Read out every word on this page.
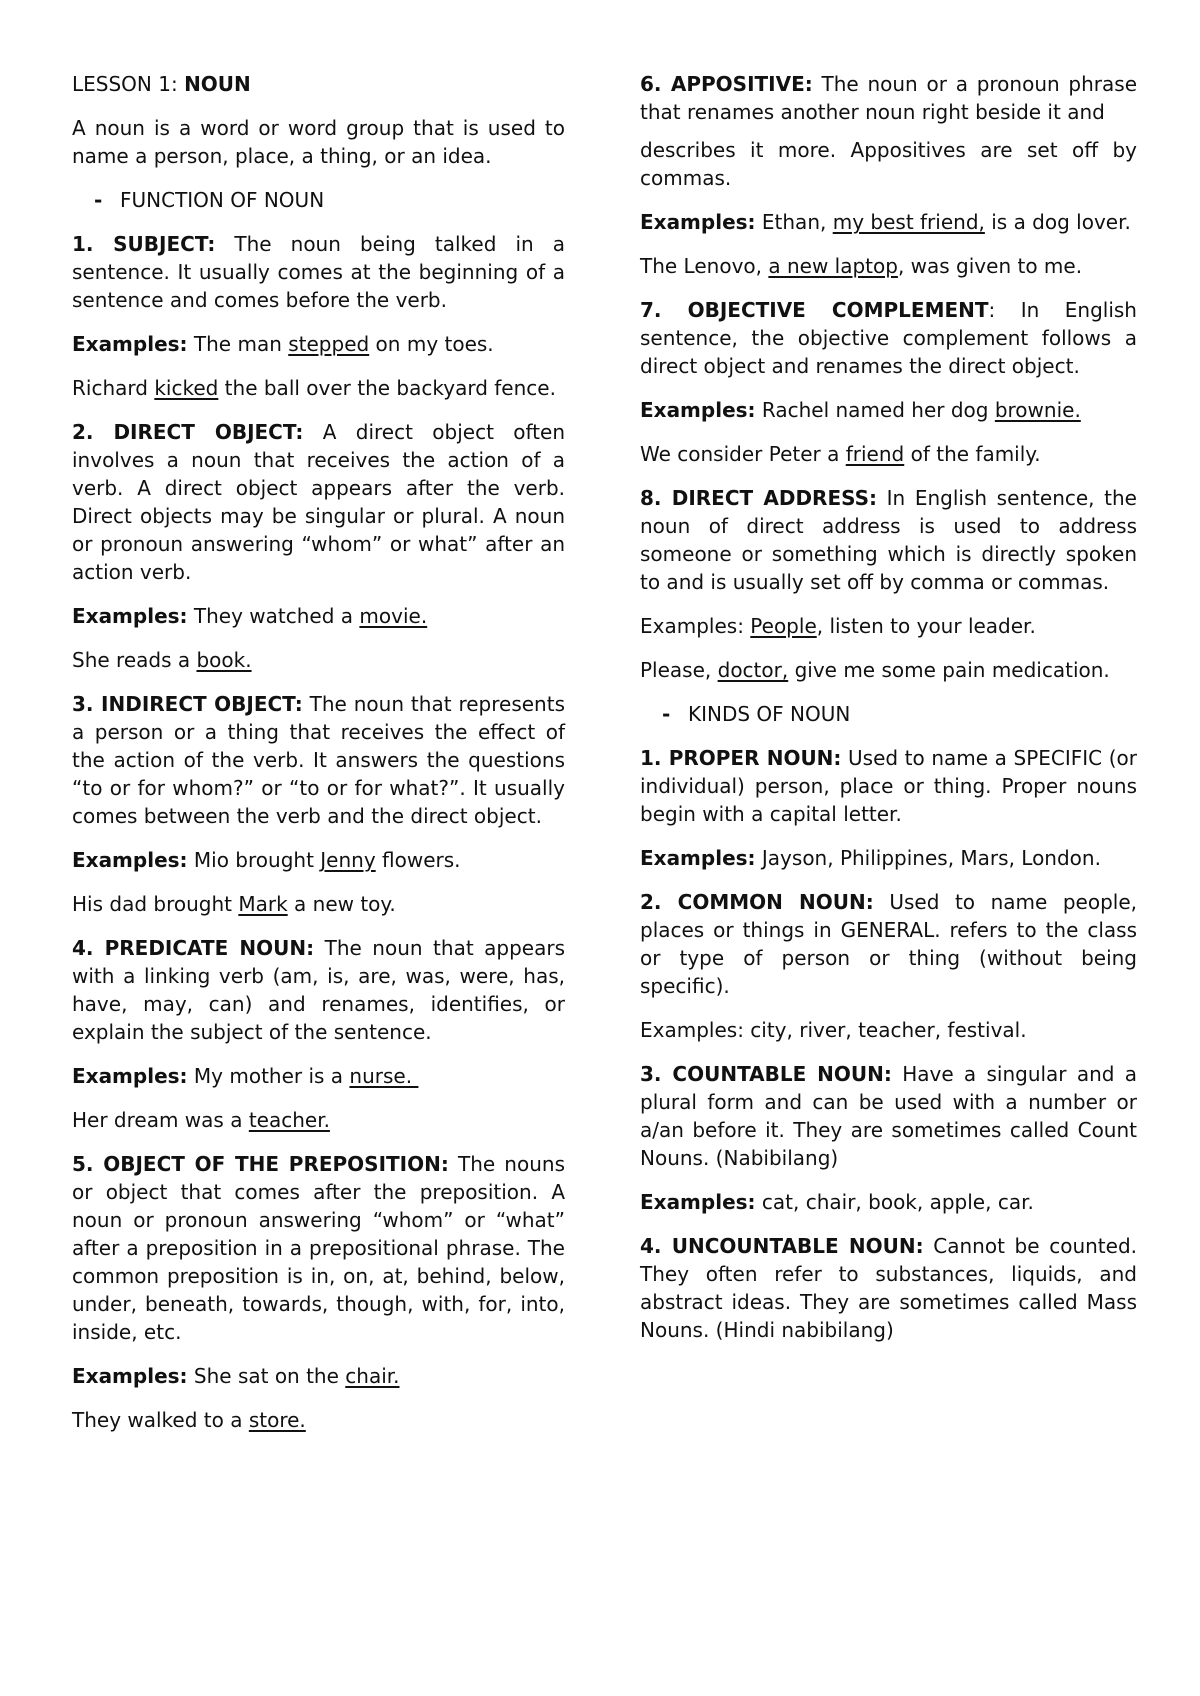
LESSON 1: NOUN

A noun is a word or word group that is used to name a person, place, a thing, or an idea.

- FUNCTION OF NOUN

1. SUBJECT: The noun being talked in a sentence. It usually comes at the beginning of a sentence and comes before the verb.

Examples: The man stepped on my toes.

Richard kicked the ball over the backyard fence.

2. DIRECT OBJECT: A direct object often involves a noun that receives the action of a verb. A direct object appears after the verb. Direct objects may be singular or plural. A noun or pronoun answering “whom” or what” after an action verb.

Examples: They watched a movie.

She reads a book.

3. INDIRECT OBJECT: The noun that represents a person or a thing that receives the effect of the action of the verb. It answers the questions “to or for whom?” or “to or for what?”. It usually comes between the verb and the direct object.

Examples: Mio brought Jenny flowers.

His dad brought Mark a new toy.

4. PREDICATE NOUN: The noun that appears with a linking verb (am, is, are, was, were, has, have, may, can) and renames, identifies, or explain the subject of the sentence.

Examples: My mother is a nurse.

Her dream was a teacher.

5. OBJECT OF THE PREPOSITION: The nouns or object that comes after the preposition. A noun or pronoun answering “whom” or “what” after a preposition in a prepositional phrase. The common preposition is in, on, at, behind, below, under, beneath, towards, though, with, for, into, inside, etc.

Examples: She sat on the chair.

They walked to a store.

6. APPOSITIVE: The noun or a pronoun phrase that renames another noun right beside it and

describes it more. Appositives are set off by commas.

Examples: Ethan, my best friend, is a dog lover.

The Lenovo, a new laptop, was given to me.

7. OBJECTIVE COMPLEMENT: In English sentence, the objective complement follows a direct object and renames the direct object.

Examples: Rachel named her dog brownie.

We consider Peter a friend of the family.

8. DIRECT ADDRESS: In English sentence, the noun of direct address is used to address someone or something which is directly spoken to and is usually set off by comma or commas.

Examples: People, listen to your leader.

Please, doctor, give me some pain medication.

- KINDS OF NOUN

1. PROPER NOUN: Used to name a SPECIFIC (or individual) person, place or thing. Proper nouns begin with a capital letter.

Examples: Jayson, Philippines, Mars, London.

2. COMMON NOUN: Used to name people, places or things in GENERAL. refers to the class or type of person or thing (without being specific).

Examples: city, river, teacher, festival.

3. COUNTABLE NOUN: Have a singular and a plural form and can be used with a number or a/an before it. They are sometimes called Count Nouns. (Nabibilang)

Examples: cat, chair, book, apple, car.

4. UNCOUNTABLE NOUN: Cannot be counted. They often refer to substances, liquids, and abstract ideas. They are sometimes called Mass Nouns. (Hindi nabibilang)
